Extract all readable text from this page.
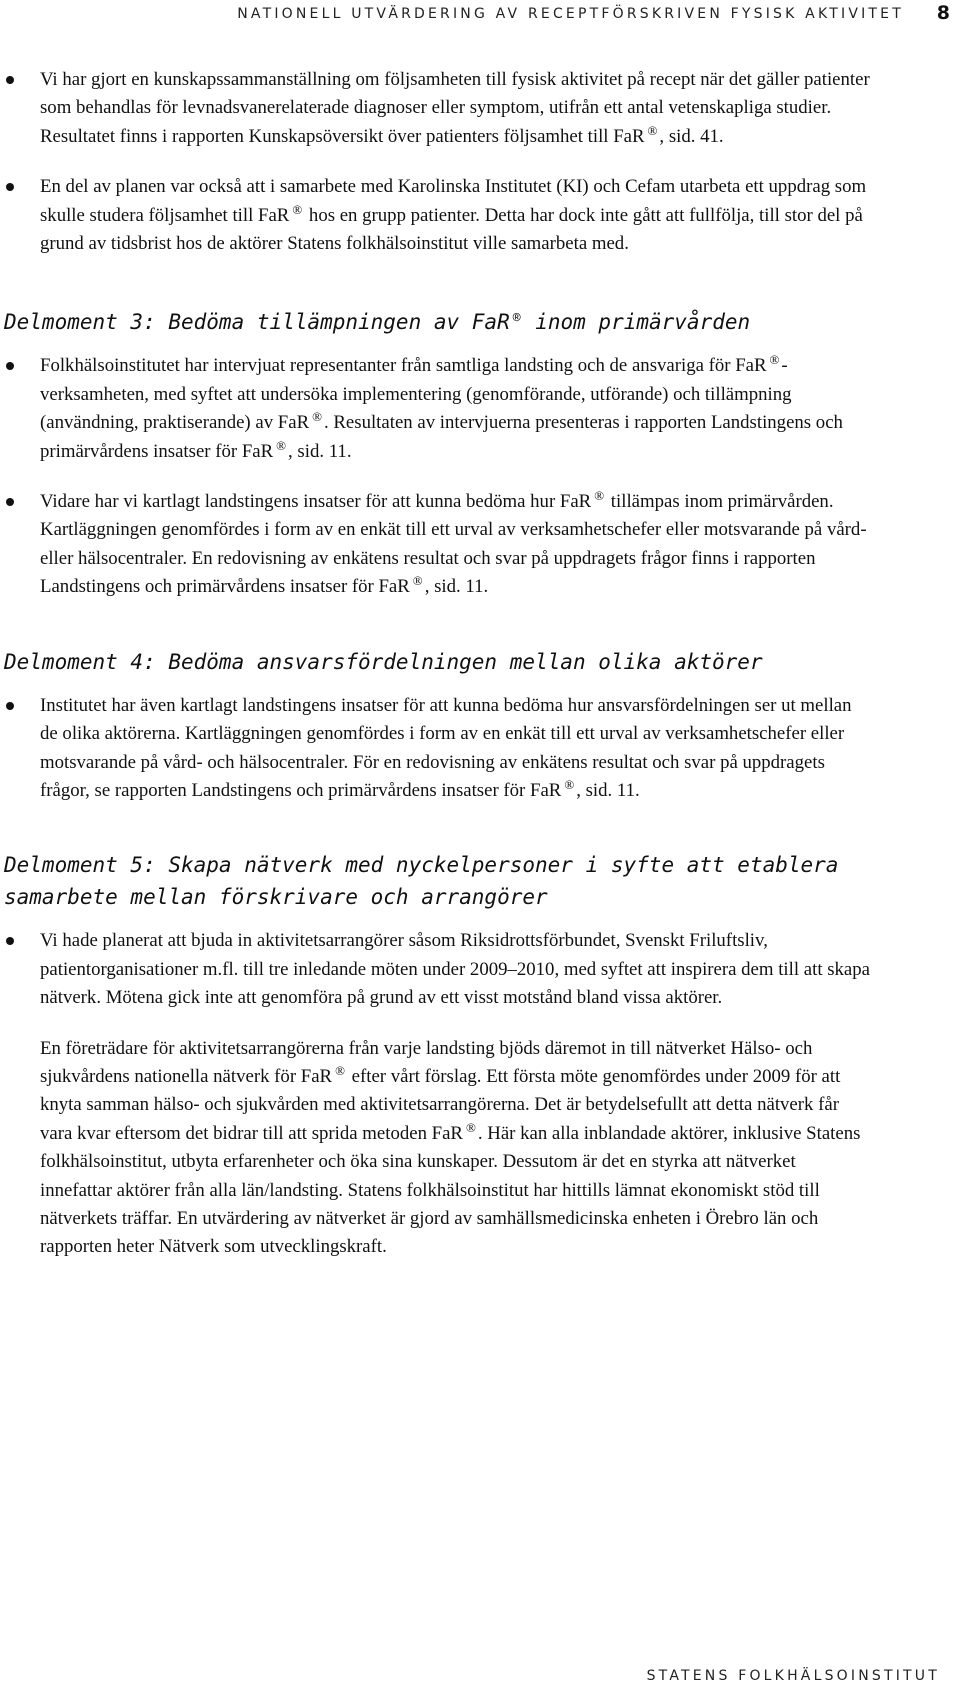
NATIONELL UTVÄRDERING AV RECEPTFÖRSKRIVEN FYSISK AKTIVITET 8
Vi har gjort en kunskapssammanställning om följsamheten till fysisk aktivitet på recept när det gäller patienter som behandlas för levnadsvanerelaterade diagnoser eller symptom, utifrån ett antal vetenskapliga studier. Resultatet finns i rapporten Kunskapsöversikt över patienters följsamhet till FaR ® , sid. 41.
En del av planen var också att i samarbete med Karolinska Institutet (KI) och Cefam utarbeta ett uppdrag som skulle studera följsamhet till FaR ® hos en grupp patienter. Detta har dock inte gått att fullfölja, till stor del på grund av tidsbrist hos de aktörer Statens folkhälsoinstitut ville samarbeta med.
Delmoment 3: Bedöma tillämpningen av FaR ® inom primärvården
Folkhälsoinstitutet har intervjuat representanter från samtliga landsting och de ansvariga för FaR ® -verksamheten, med syftet att undersöka implementering (genomförande, utförande) och tillämpning (användning, praktiserande) av FaR ® . Resultaten av intervjuerna presenteras i rapporten Landstingens och primärvårdens insatser för FaR ® , sid. 11.
Vidare har vi kartlagt landstingens insatser för att kunna bedöma hur FaR ® tillämpas inom primärvården. Kartläggningen genomfördes i form av en enkät till ett urval av verksamhetschefer eller motsvarande på vård- eller hälsocentraler. En redovisning av enkätens resultat och svar på uppdragets frågor finns i rapporten Landstingens och primärvårdens insatser för FaR ® , sid. 11.
Delmoment 4: Bedöma ansvarsfördelningen mellan olika aktörer
Institutet har även kartlagt landstingens insatser för att kunna bedöma hur ansvarsfördelningen ser ut mellan de olika aktörerna. Kartläggningen genomfördes i form av en enkät till ett urval av verksamhetschefer eller motsvarande på vård- och hälsocentraler. För en redovisning av enkätens resultat och svar på uppdragets frågor, se rapporten Landstingens och primärvårdens insatser för FaR ® , sid. 11.
Delmoment 5: Skapa nätverk med nyckelpersoner i syfte att etablera samarbete mellan förskrivare och arrangörer
Vi hade planerat att bjuda in aktivitetsarrangörer såsom Riksidrottsförbundet, Svenskt Friluftsliv, patientorganisationer m.fl. till tre inledande möten under 2009–2010, med syftet att inspirera dem till att skapa nätverk. Mötena gick inte att genomföra på grund av ett visst motstånd bland vissa aktörer.

En företrädare för aktivitetsarrangörerna från varje landsting bjöds däremot in till nätverket Hälso- och sjukvårdens nationella nätverk för FaR ® efter vårt förslag. Ett första möte genomfördes under 2009 för att knyta samman hälso- och sjukvården med aktivitetsarrangörerna. Det är betydelsefullt att detta nätverk får vara kvar eftersom det bidrar till att sprida metoden FaR ® . Här kan alla inblandade aktörer, inklusive Statens folkhälsoinstitut, utbyta erfarenheter och öka sina kunskaper. Dessutom är det en styrka att nätverket innefattar aktörer från alla län/landsting. Statens folkhälsoinstitut har hittills lämnat ekonomiskt stöd till nätverkets träffar. En utvärdering av nätverket är gjord av samhällsmedicinska enheten i Örebro län och rapporten heter Nätverk som utvecklingskraft.

STATENS FOLKHÄLSOINSTITUT
